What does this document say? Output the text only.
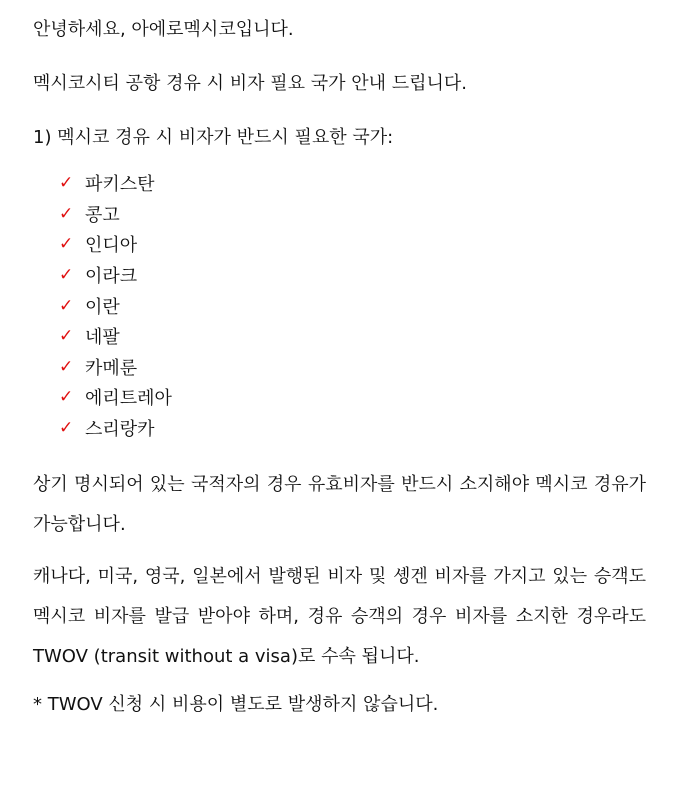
안녕하세요, 아에로멕시코입니다.

멕시코시티 공항 경유 시 비자 필요 국가 안내 드립니다.

1) 멕시코 경유 시 비자가 반드시 필요한 국가:

✓ 파키스탄
✓ 콩고
✓ 인디아
✓ 이라크
✓ 이란
✓ 네팔
✓ 카메룬
✓ 에리트레아
✓ 스리랑카

상기 명시되어 있는 국적자의 경우 유효비자를 반드시 소지해야 멕시코 경유가 가능합니다.

캐나다, 미국, 영국, 일본에서 발행된 비자 및 솅겐 비자를 가지고 있는 승객도 멕시코 비자를 발급 받아야 하며, 경유 승객의 경우 비자를 소지한 경우라도 TWOV (transit without a visa)로 수속 됩니다.

* TWOV 신청 시 비용이 별도로 발생하지 않습니다.
